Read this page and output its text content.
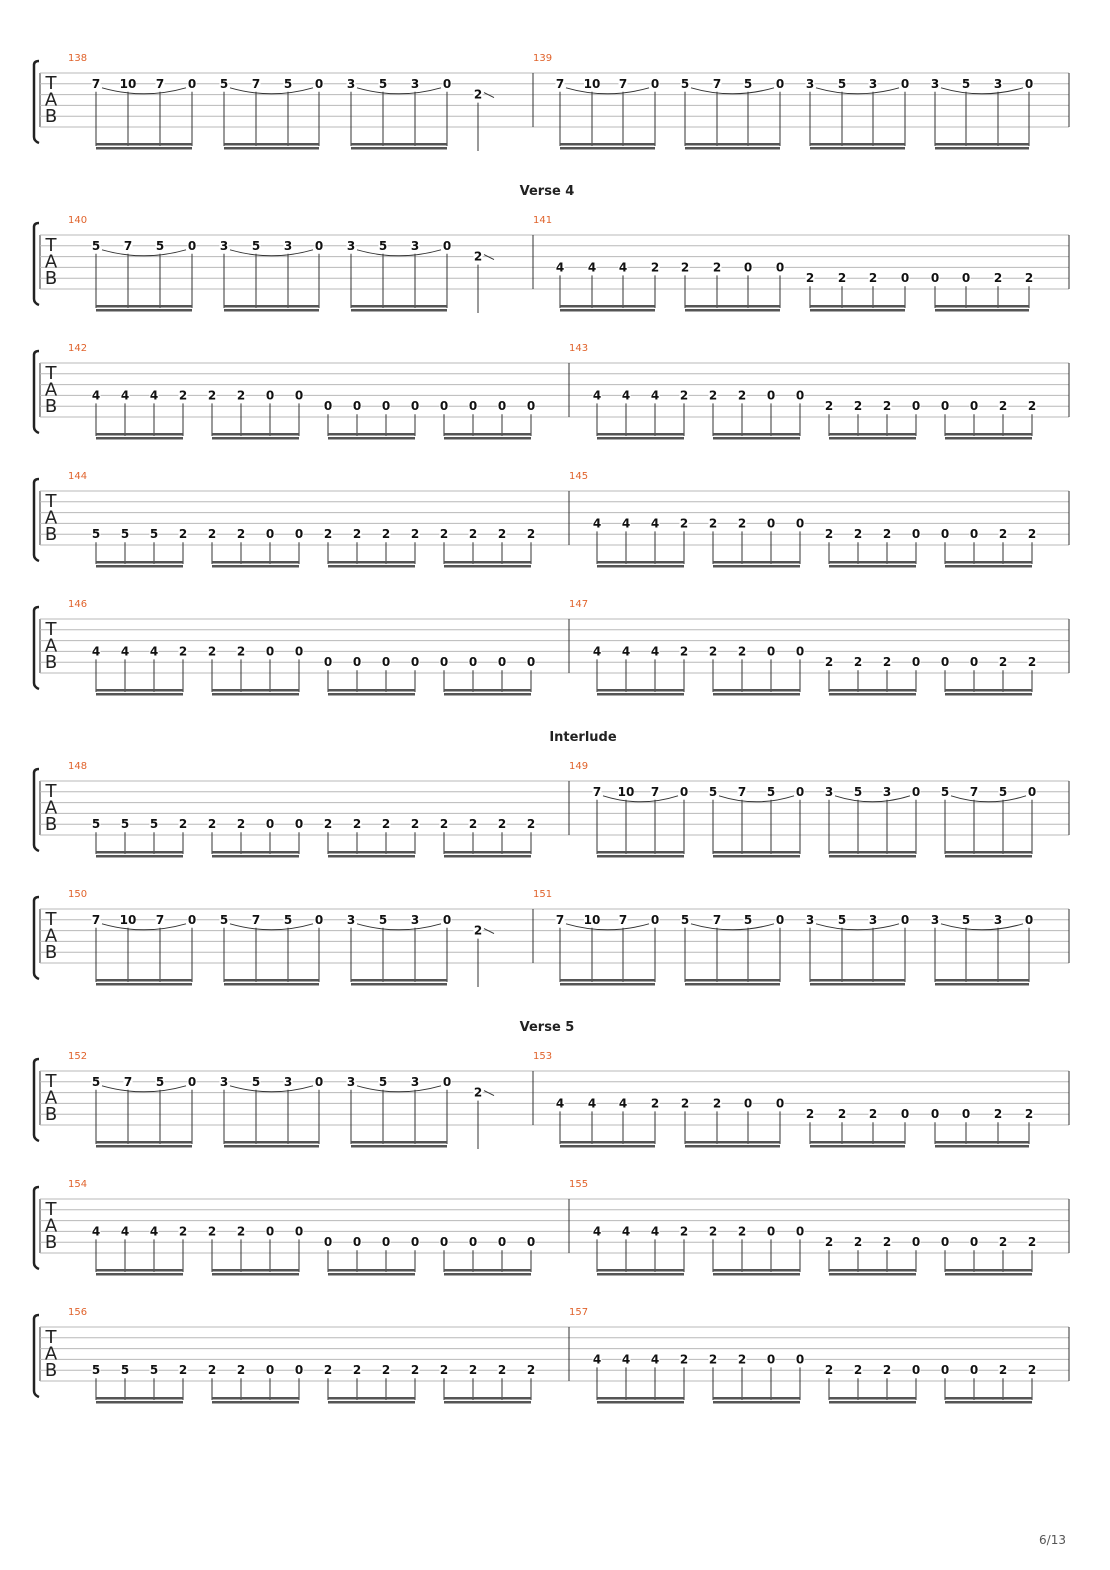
T
A
B
138
7 10 7 0 5 7 5 0 3 5 3 0
2
139
7 10 7 0 5 7 5 0 3 5 3 0 3 5 3 0
Verse 4
T
A
B
140
5 7 5 0 3 5 3 0 3 5 3 0
2
141
4 4 4 2 2 2 0 0
2 2 2 0 0 0 2 2
T
A
B
142
4 4 4 2 2 2 0 0
0 0 0 0 0 0 0 0
143
4 4 4 2 2 2 0 0
2 2 2 0 0 0 2 2
T
A
B
144
5 5 5 2 2 2 0 0 2 2 2 2 2 2 2 2
145
4 4 4 2 2 2 0 0
2 2 2 0 0 0 2 2
T
A
B
146
4 4 4 2 2 2 0 0
0 0 0 0 0 0 0 0
147
4 4 4 2 2 2 0 0
2 2 2 0 0 0 2 2
Interlude
T
A
B
148
5 5 5 2 2 2 0 0 2 2 2 2 2 2 2 2
149
7 10 7 0 5 7 5 0 3 5 3 0 5 7 5 0
T
A
B
150
7 10 7 0 5 7 5 0 3 5 3 0
2
151
7 10 7 0 5 7 5 0 3 5 3 0 3 5 3 0
Verse 5
T
A
B
152
5 7 5 0 3 5 3 0 3 5 3 0
2
153
4 4 4 2 2 2 0 0
2 2 2 0 0 0 2 2
T
A
B
154
4 4 4 2 2 2 0 0
0 0 0 0 0 0 0 0
155
4 4 4 2 2 2 0 0
2 2 2 0 0 0 2 2
T
A
B
156
5 5 5 2 2 2 0 0 2 2 2 2 2 2 2 2
157
4 4 4 2 2 2 0 0
2 2 2 0 0 0 2 2
6/13
